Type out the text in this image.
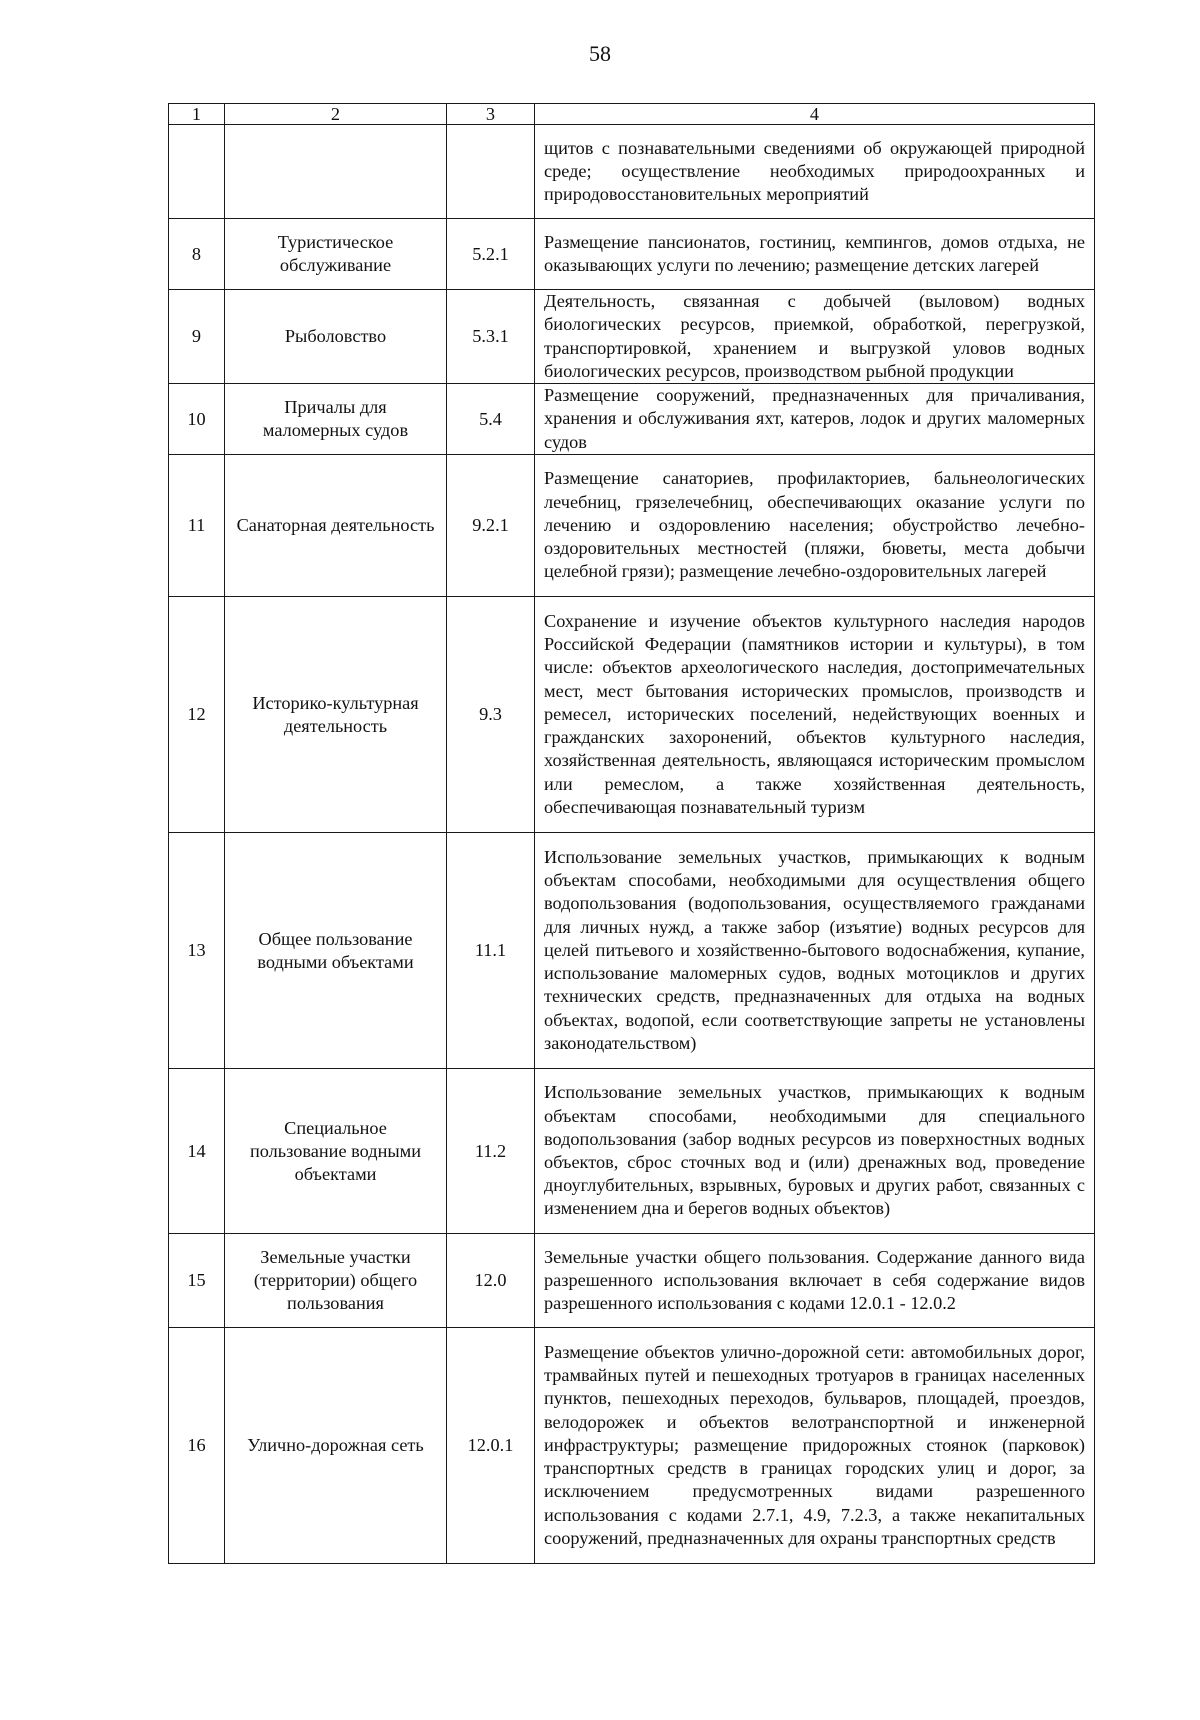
58
1	2	3	4
			щитов с познавательными сведениями об окружающей природной среде; осуществление необходимых природоохранных и природовосстановительных мероприятий
8	Туристическое обслуживание	5.2.1	Размещение пансионатов, гостиниц, кемпингов, домов отдыха, не оказывающих услуги по лечению; размещение детских лагерей
9	Рыболовство	5.3.1	Деятельность, связанная с добычей (выловом) водных биологических ресурсов, приемкой, обработкой, перегрузкой, транспортировкой, хранением и выгрузкой уловов водных биологических ресурсов, производством рыбной продукции
10	Причалы для маломерных судов	5.4	Размещение сооружений, предназначенных для причаливания, хранения и обслуживания яхт, катеров, лодок и других маломерных судов
11	Санаторная деятельность	9.2.1	Размещение санаториев, профилакториев, бальнеологических лечебниц, грязелечебниц, обеспечивающих оказание услуги по лечению и оздоровлению населения; обустройство лечебно-оздоровительных местностей (пляжи, бюветы, места добычи целебной грязи); размещение лечебно-оздоровительных лагерей
12	Историко-культурная деятельность	9.3	Сохранение и изучение объектов культурного наследия народов Российской Федерации (памятников истории и культуры), в том числе: объектов археологического наследия, достопримечательных мест, мест бытования исторических промыслов, производств и ремесел, исторических поселений, недействующих военных и гражданских захоронений, объектов культурного наследия, хозяйственная деятельность, являющаяся историческим промыслом или ремеслом, а также хозяйственная деятельность, обеспечивающая познавательный туризм
13	Общее пользование водными объектами	11.1	Использование земельных участков, примыкающих к водным объектам способами, необходимыми для осуществления общего водопользования (водопользования, осуществляемого гражданами для личных нужд, а также забор (изъятие) водных ресурсов для целей питьевого и хозяйственно-бытового водоснабжения, купание, использование маломерных судов, водных мотоциклов и других технических средств, предназначенных для отдыха на водных объектах, водопой, если соответствующие запреты не установлены законодательством)
14	Специальное пользование водными объектами	11.2	Использование земельных участков, примыкающих к водным объектам способами, необходимыми для специального водопользования (забор водных ресурсов из поверхностных водных объектов, сброс сточных вод и (или) дренажных вод, проведение дноуглубительных, взрывных, буровых и других работ, связанных с изменением дна и берегов водных объектов)
15	Земельные участки (территории) общего пользования	12.0	Земельные участки общего пользования. Содержание данного вида разрешенного использования включает в себя содержание видов разрешенного использования с кодами 12.0.1 - 12.0.2
16	Улично-дорожная сеть	12.0.1	Размещение объектов улично-дорожной сети: автомобильных дорог, трамвайных путей и пешеходных тротуаров в границах населенных пунктов, пешеходных переходов, бульваров, площадей, проездов, велодорожек и объектов велотранспортной и инженерной инфраструктуры; размещение придорожных стоянок (парковок) транспортных средств в границах городских улиц и дорог, за исключением предусмотренных видами разрешенного использования с кодами 2.7.1, 4.9, 7.2.3, а также некапитальных сооружений, предназначенных для охраны транспортных средств
